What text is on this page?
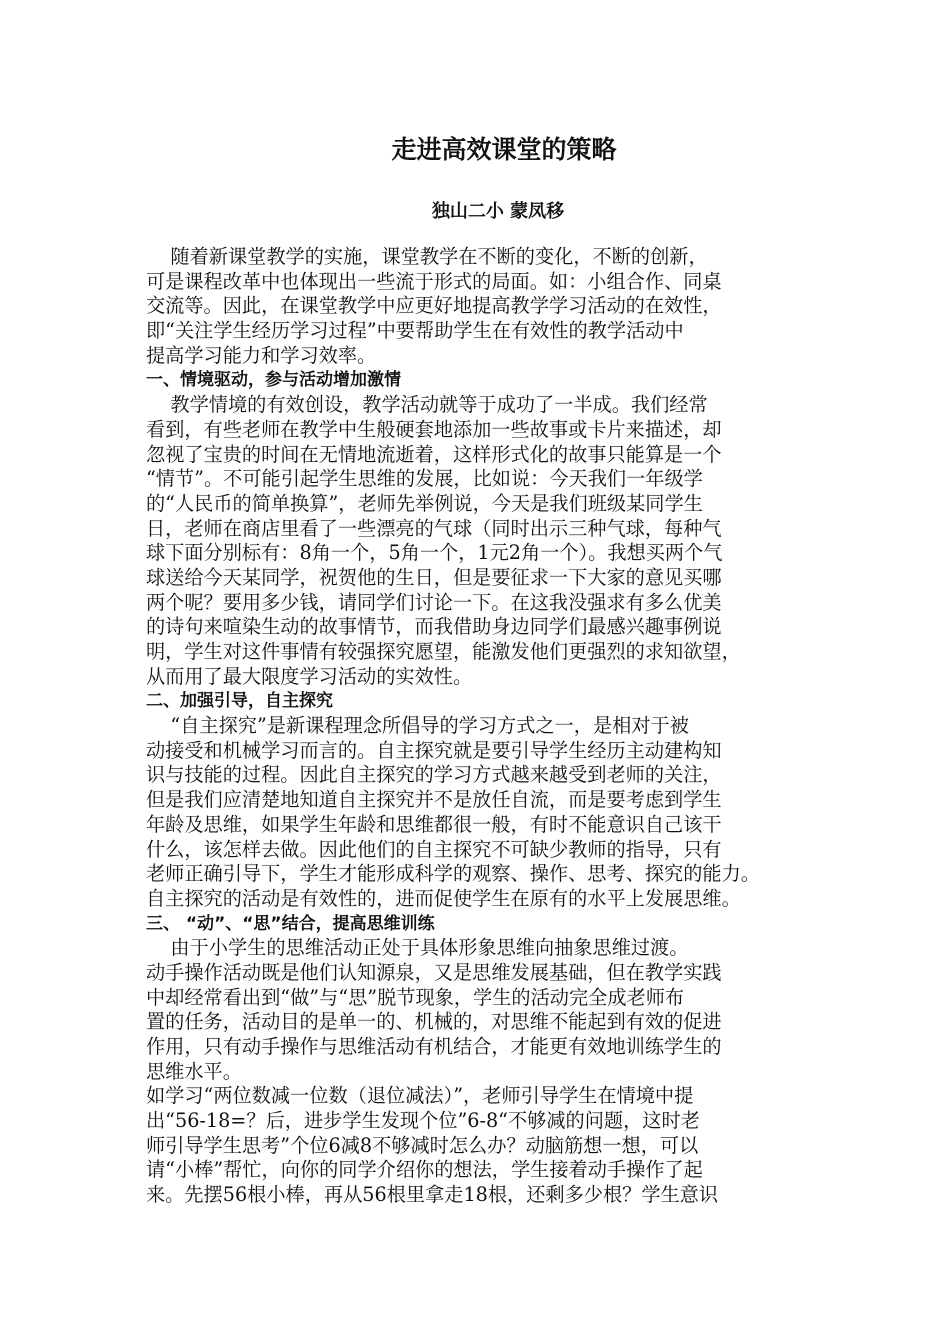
走进高效课堂的策略
独山二小 蒙凤移
随着新课堂教学的实施，课堂教学在不断的变化，不断的创新，
可是课程改革中也体现出一些流于形式的局面。如：小组合作、同桌
交流等。因此，在课堂教学中应更好地提高教学学习活动的在效性，
即“关注学生经历学习过程”中要帮助学生在有效性的教学活动中
提高学习能力和学习效率。
一、情境驱动，参与活动增加激情
教学情境的有效创设，教学活动就等于成功了一半成。我们经常
看到，有些老师在教学中生般硬套地添加一些故事或卡片来描述，却
忽视了宝贵的时间在无情地流逝着，这样形式化的故事只能算是一个
“情节”。不可能引起学生思维的发展，比如说：今天我们一年级学
的“人民币的简单换算”，老师先举例说，今天是我们班级某同学生
日，老师在商店里看了一些漂亮的气球（同时出示三种气球，每种气
球下面分别标有：8角一个，5角一个，1元2角一个）。我想买两个气
球送给今天某同学，祝贺他的生日，但是要征求一下大家的意见买哪
两个呢？要用多少钱，请同学们讨论一下。在这我没强求有多么优美
的诗句来喧染生动的故事情节，而我借助身边同学们最感兴趣事例说
明，学生对这件事情有较强探究愿望，能激发他们更强烈的求知欲望，
从而用了最大限度学习活动的实效性。
二、加强引导，自主探究
“自主探究”是新课程理念所倡导的学习方式之一，是相对于被
动接受和机械学习而言的。自主探究就是要引导学生经历主动建构知
识与技能的过程。因此自主探究的学习方式越来越受到老师的关注，
但是我们应清楚地知道自主探究并不是放任自流，而是要考虑到学生
年龄及思维，如果学生年龄和思维都很一般，有时不能意识自己该干
什么，该怎样去做。因此他们的自主探究不可缺少教师的指导，只有
老师正确引导下，学生才能形成科学的观察、操作、思考、探究的能力。
自主探究的活动是有效性的，进而促使学生在原有的水平上发展思维。
三、 “动”、“思”结合，提高思维训练
由于小学生的思维活动正处于具体形象思维向抽象思维过渡。
动手操作活动既是他们认知源泉，又是思维发展基础，但在教学实践
中却经常看出到“做”与“思”脱节现象，学生的活动完全成老师布
置的任务，活动目的是单一的、机械的，对思维不能起到有效的促进
作用，只有动手操作与思维活动有机结合，才能更有效地训练学生的
思维水平。
如学习“两位数减一位数（退位减法）”，老师引导学生在情境中提
出“56-18=？后，进步学生发现个位”6-8“不够减的问题，这时老
师引导学生思考”个位6减8不够减时怎么办？动脑筋想一想，可以
请“小棒”帮忙，向你的同学介绍你的想法，学生接着动手操作了起
来。先摆56根小棒，再从56根里拿走18根，还剩多少根？学生意识
